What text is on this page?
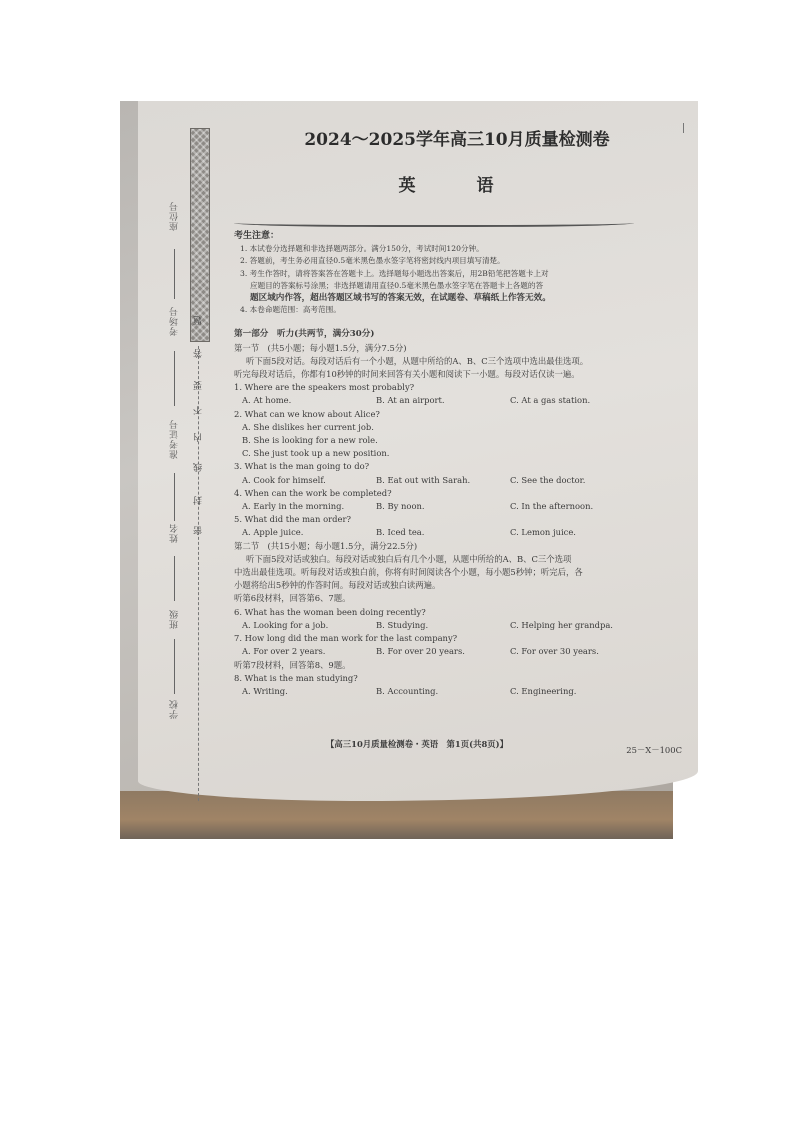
座位号
考场号
准考证号
姓名
班级
学校
题
答
要
不
内
线
封
密
2024～2025学年高三10月质量检测卷
英　语
考生注意：
1. 本试卷分选择题和非选择题两部分。满分150分，考试时间120分钟。
2. 答题前，考生务必用直径0.5毫米黑色墨水签字笔将密封线内项目填写清楚。
3. 考生作答时，请将答案答在答题卡上。选择题每小题选出答案后，用2B铅笔把答题卡上对
应题目的答案标号涂黑；非选择题请用直径0.5毫米黑色墨水签字笔在答题卡上各题的答
题区域内作答，超出答题区域书写的答案无效，在试题卷、草稿纸上作答无效。
4. 本卷命题范围：高考范围。
第一部分　听力(共两节，满分30分)
第一节　(共5小题；每小题1.5分，满分7.5分)
听下面5段对话。每段对话后有一个小题，从题中所给的A、B、C三个选项中选出最佳选项。
听完每段对话后，你都有10秒钟的时间来回答有关小题和阅读下一小题。每段对话仅读一遍。
1. Where are the speakers most probably?
A. At home.	B. At an airport.	C. At a gas station.
2. What can we know about Alice?
A. She dislikes her current job.
B. She is looking for a new role.
C. She just took up a new position.
3. What is the man going to do?
A. Cook for himself.	B. Eat out with Sarah.	C. See the doctor.
4. When can the work be completed?
A. Early in the morning.	B. By noon.	C. In the afternoon.
5. What did the man order?
A. Apple juice.	B. Iced tea.	C. Lemon juice.
第二节　(共15小题；每小题1.5分，满分22.5分)
听下面5段对话或独白。每段对话或独白后有几个小题，从题中所给的A、B、C三个选项
中选出最佳选项。听每段对话或独白前，你将有时间阅读各个小题，每小题5秒钟；听完后，各
小题将给出5秒钟的作答时间。每段对话或独白读两遍。
听第6段材料，回答第6、7题。
6. What has the woman been doing recently?
A. Looking for a job.	B. Studying.	C. Helping her grandpa.
7. How long did the man work for the last company?
A. For over 2 years.	B. For over 20 years.	C. For over 30 years.
听第7段材料，回答第8、9题。
8. What is the man studying?
A. Writing.	B. Accounting.	C. Engineering.
【高三10月质量检测卷・英语　第1页(共8页)】
25－X－100C
